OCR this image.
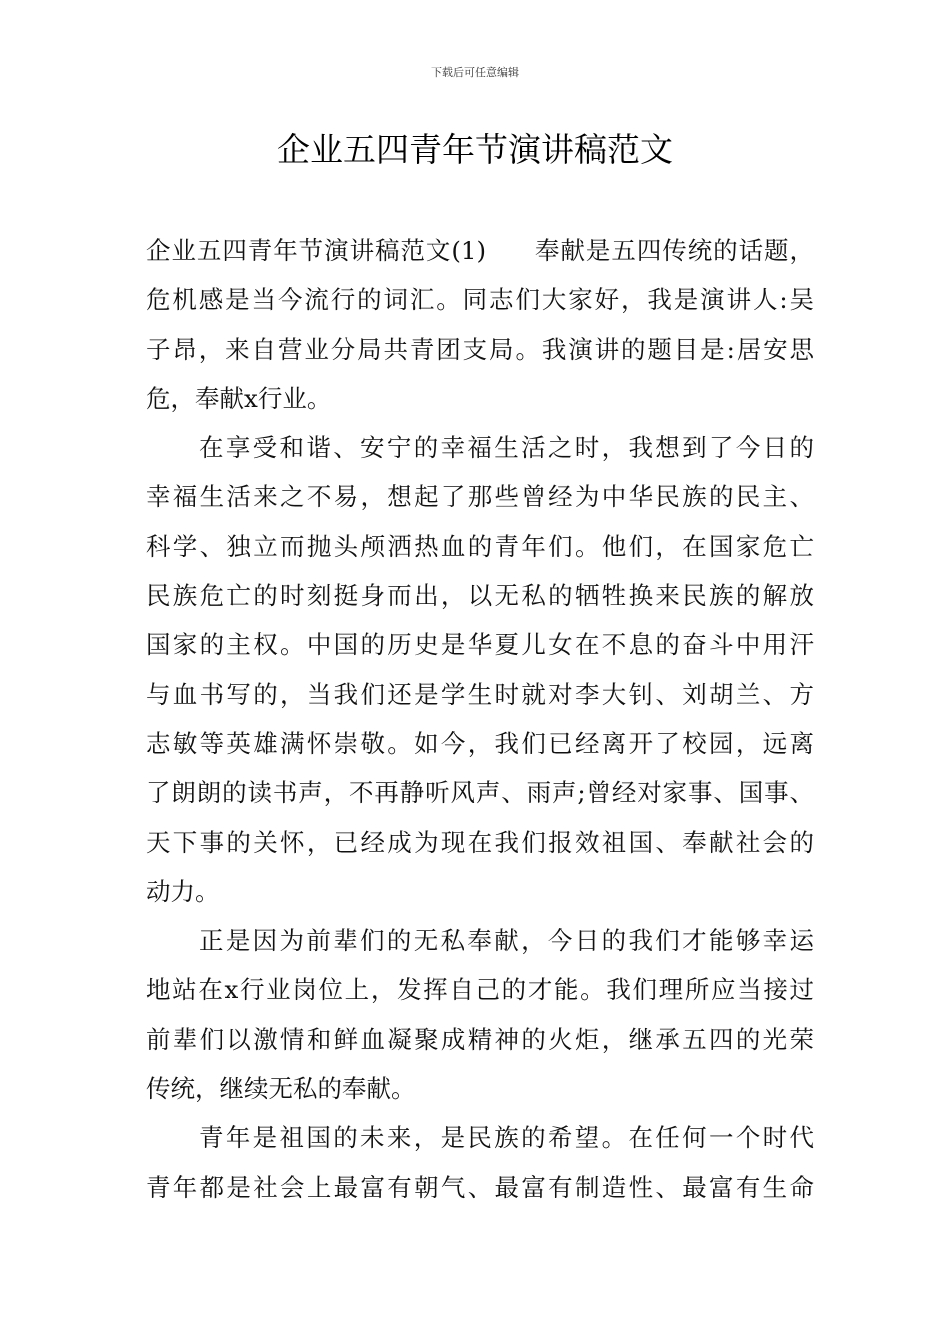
下载后可任意编辑
企业五四青年节演讲稿范文
企业五四青年节演讲稿范文(1) 奉献是五四传统的话题，
危机感是当今流行的词汇。同志们大家好，我是演讲人:吴
子昂，来自营业分局共青团支局。我演讲的题目是:居安思
危，奉献x行业。
在享受和谐、安宁的幸福生活之时，我想到了今日的
幸福生活来之不易，想起了那些曾经为中华民族的民主、
科学、独立而抛头颅洒热血的青年们。他们，在国家危亡
民族危亡的时刻挺身而出，以无私的牺牲换来民族的解放
国家的主权。中国的历史是华夏儿女在不息的奋斗中用汗
与血书写的，当我们还是学生时就对李大钊、刘胡兰、方
志敏等英雄满怀崇敬。如今，我们已经离开了校园，远离
了朗朗的读书声，不再静听风声、雨声;曾经对家事、国事、
天下事的关怀，已经成为现在我们报效祖国、奉献社会的
动力。
正是因为前辈们的无私奉献，今日的我们才能够幸运
地站在x行业岗位上，发挥自己的才能。我们理所应当接过
前辈们以激情和鲜血凝聚成精神的火炬，继承五四的光荣
传统，继续无私的奉献。
青年是祖国的未来，是民族的希望。在任何一个时代
青年都是社会上最富有朝气、最富有制造性、最富有生命
